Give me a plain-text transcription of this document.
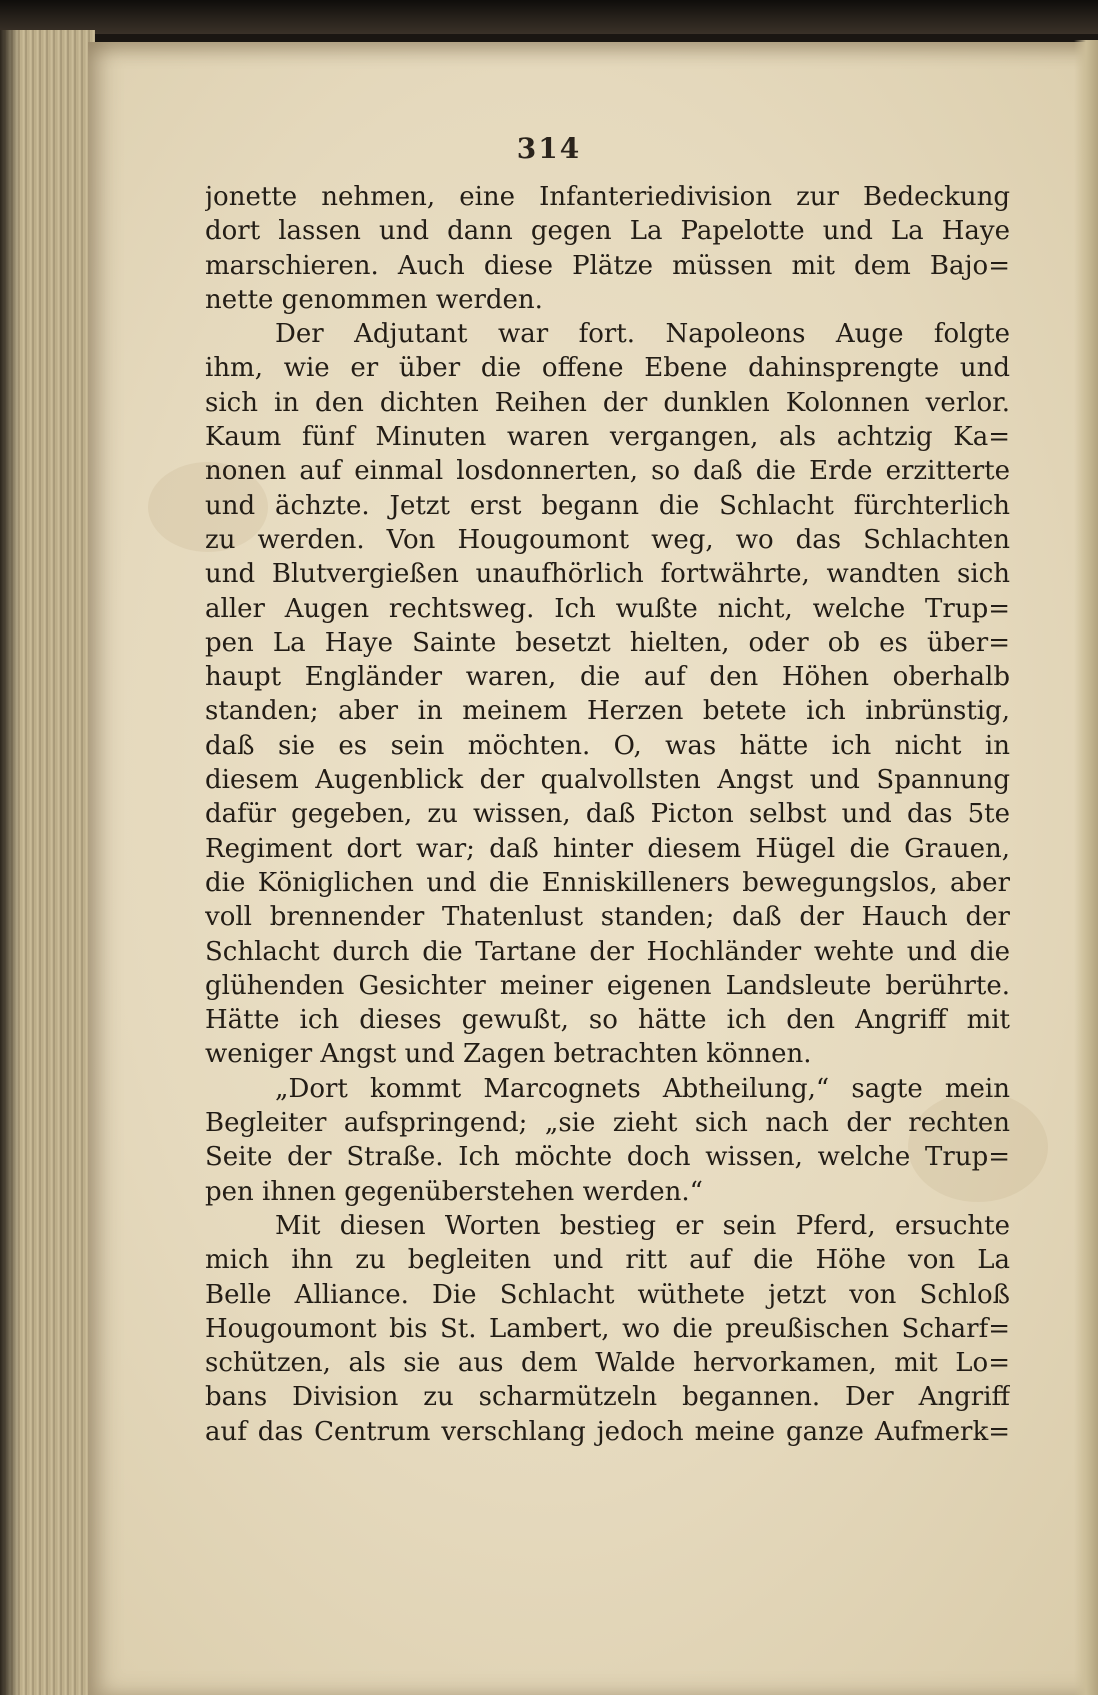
314
jonette nehmen, eine Infanteriedivision zur Bedeckung
dort lassen und dann gegen La Papelotte und La Haye
marschieren. Auch diese Plätze müssen mit dem Bajo=
nette genommen werden.
Der Adjutant war fort. Napoleons Auge folgte
ihm, wie er über die offene Ebene dahinsprengte und
sich in den dichten Reihen der dunklen Kolonnen verlor.
Kaum fünf Minuten waren vergangen, als achtzig Ka=
nonen auf einmal losdonnerten, so daß die Erde erzitterte
und ächzte. Jetzt erst begann die Schlacht fürchterlich
zu werden. Von Hougoumont weg, wo das Schlachten
und Blutvergießen unaufhörlich fortwährte, wandten sich
aller Augen rechtsweg. Ich wußte nicht, welche Trup=
pen La Haye Sainte besetzt hielten, oder ob es über=
haupt Engländer waren, die auf den Höhen oberhalb
standen; aber in meinem Herzen betete ich inbrünstig,
daß sie es sein möchten. O, was hätte ich nicht in
diesem Augenblick der qualvollsten Angst und Spannung
dafür gegeben, zu wissen, daß Picton selbst und das 5te
Regiment dort war; daß hinter diesem Hügel die Grauen,
die Königlichen und die Enniskilleners bewegungslos, aber
voll brennender Thatenlust standen; daß der Hauch der
Schlacht durch die Tartane der Hochländer wehte und die
glühenden Gesichter meiner eigenen Landsleute berührte.
Hätte ich dieses gewußt, so hätte ich den Angriff mit
weniger Angst und Zagen betrachten können.
„Dort kommt Marcognets Abtheilung,“ sagte mein
Begleiter aufspringend; „sie zieht sich nach der rechten
Seite der Straße. Ich möchte doch wissen, welche Trup=
pen ihnen gegenüberstehen werden.“
Mit diesen Worten bestieg er sein Pferd, ersuchte
mich ihn zu begleiten und ritt auf die Höhe von La
Belle Alliance. Die Schlacht wüthete jetzt von Schloß
Hougoumont bis St. Lambert, wo die preußischen Scharf=
schützen, als sie aus dem Walde hervorkamen, mit Lo=
bans Division zu scharmützeln begannen. Der Angriff
auf das Centrum verschlang jedoch meine ganze Aufmerk=
